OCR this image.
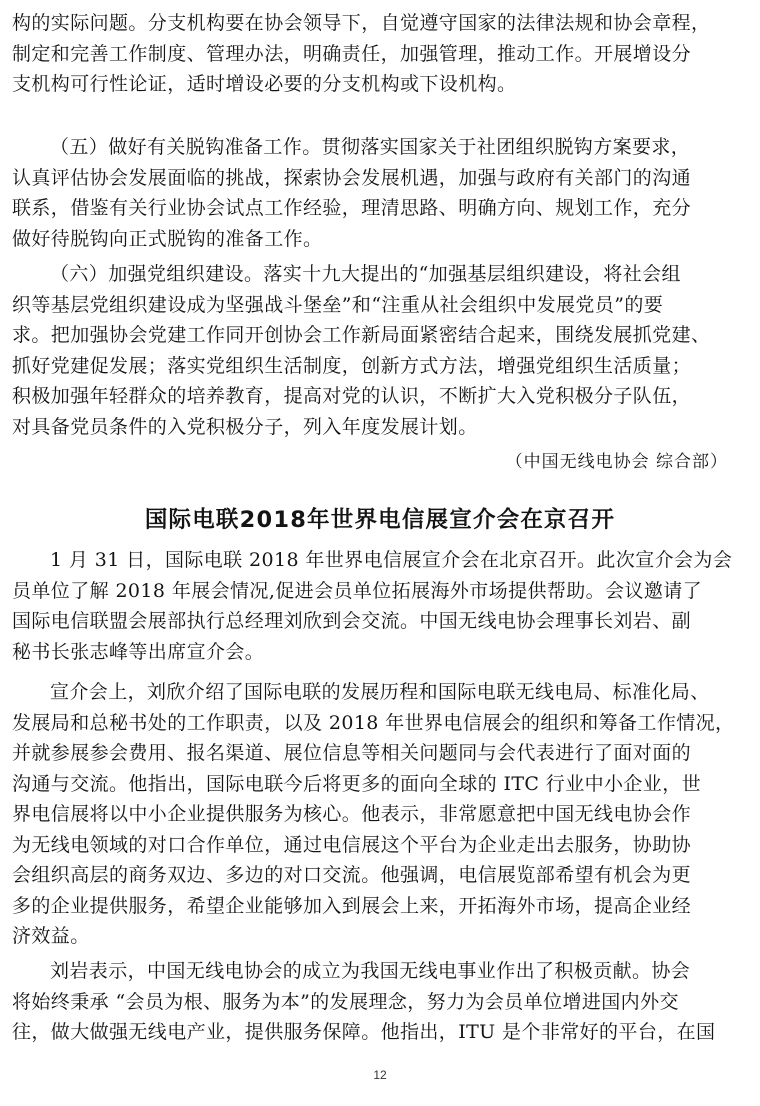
构的实际问题。分支机构要在协会领导下，自觉遵守国家的法律法规和协会章程，
制定和完善工作制度、管理办法，明确责任，加强管理，推动工作。开展增设分
支机构可行性论证，适时增设必要的分支机构或下设机构。
（五）做好有关脱钩准备工作。贯彻落实国家关于社团组织脱钩方案要求，
认真评估协会发展面临的挑战，探索协会发展机遇，加强与政府有关部门的沟通
联系，借鉴有关行业协会试点工作经验，理清思路、明确方向、规划工作，充分
做好待脱钩向正式脱钩的准备工作。
（六）加强党组织建设。落实十九大提出的“加强基层组织建设，将社会组
织等基层党组织建设成为坚强战斗堡垒”和“注重从社会组织中发展党员”的要
求。把加强协会党建工作同开创协会工作新局面紧密结合起来，围绕发展抓党建、
抓好党建促发展；落实党组织生活制度，创新方式方法，增强党组织生活质量；
积极加强年轻群众的培养教育，提高对党的认识，不断扩大入党积极分子队伍，
对具备党员条件的入党积极分子，列入年度发展计划。
（中国无线电协会 综合部）
国际电联2018年世界电信展宣介会在京召开
1 月 31 日，国际电联 2018 年世界电信展宣介会在北京召开。此次宣介会为会
员单位了解 2018 年展会情况,促进会员单位拓展海外市场提供帮助。会议邀请了
国际电信联盟会展部执行总经理刘欣到会交流。中国无线电协会理事长刘岩、副
秘书长张志峰等出席宣介会。
宣介会上，刘欣介绍了国际电联的发展历程和国际电联无线电局、标准化局、
发展局和总秘书处的工作职责，以及 2018 年世界电信展会的组织和筹备工作情况，
并就参展参会费用、报名渠道、展位信息等相关问题同与会代表进行了面对面的
沟通与交流。他指出，国际电联今后将更多的面向全球的 ITC 行业中小企业，世
界电信展将以中小企业提供服务为核心。他表示，非常愿意把中国无线电协会作
为无线电领域的对口合作单位，通过电信展这个平台为企业走出去服务，协助协
会组织高层的商务双边、多边的对口交流。他强调，电信展览部希望有机会为更
多的企业提供服务，希望企业能够加入到展会上来，开拓海外市场，提高企业经
济效益。
刘岩表示，中国无线电协会的成立为我国无线电事业作出了积极贡献。协会
将始终秉承 “会员为根、服务为本”的发展理念，努力为会员单位增进国内外交
往，做大做强无线电产业，提供服务保障。他指出，ITU 是个非常好的平台，在国
12
